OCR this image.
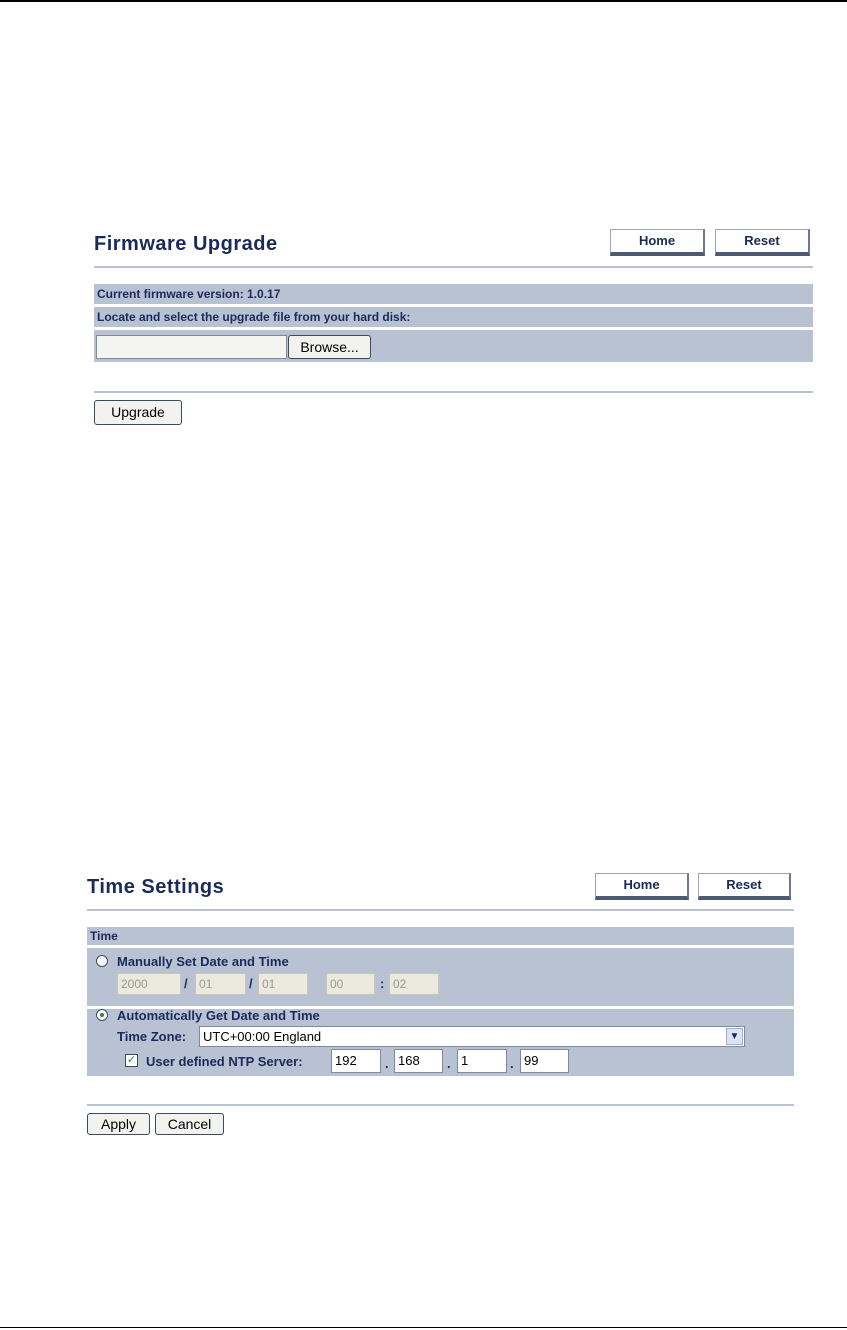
Firmware Upgrade	Home	Reset
Current firmware version: 1.0.17
Locate and select the upgrade file from your hard disk:
Browse...
Upgrade
Time Settings	Home	Reset
Time
Manually Set Date and Time
2000	/ 01	/ 01	00	: 02
Automatically Get Date and Time
Time Zone:	UTC+00:00 England	▼
✓ User defined NTP Server:	192	. 168	. 1	. 99
Apply	Cancel
